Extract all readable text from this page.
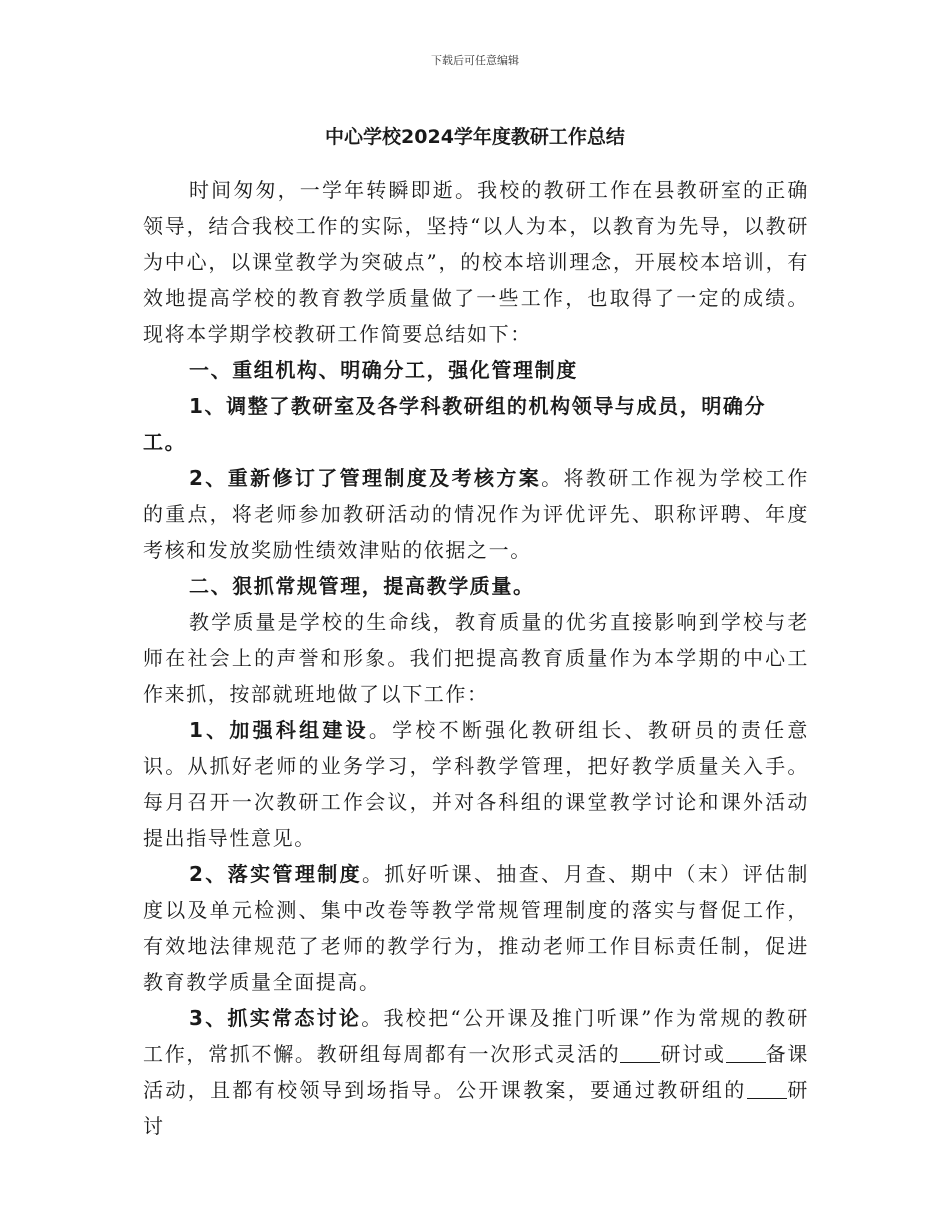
下载后可任意编辑
中心学校2024学年度教研工作总结

时间匆匆，一学年转瞬即逝。我校的教研工作在县教研室的正确领导，结合我校工作的实际，坚持“以人为本，以教育为先导，以教研为中心，以课堂教学为突破点”，的校本培训理念，开展校本培训，有效地提高学校的教育教学质量做了一些工作，也取得了一定的成绩。现将本学期学校教研工作简要总结如下：

一、重组机构、明确分工，强化管理制度

1、调整了教研室及各学科教研组的机构领导与成员，明确分工。

2、重新修订了管理制度及考核方案。将教研工作视为学校工作的重点，将老师参加教研活动的情况作为评优评先、职称评聘、年度考核和发放奖励性绩效津贴的依据之一。

二、狠抓常规管理，提高教学质量。

教学质量是学校的生命线，教育质量的优劣直接影响到学校与老师在社会上的声誉和形象。我们把提高教育质量作为本学期的中心工作来抓，按部就班地做了以下工作：

1、加强科组建设。学校不断强化教研组长、教研员的责任意识。从抓好老师的业务学习，学科教学管理，把好教学质量关入手。每月召开一次教研工作会议，并对各科组的课堂教学讨论和课外活动提出指导性意见。

2、落实管理制度。抓好听课、抽查、月查、期中（末）评估制度以及单元检测、集中改卷等教学常规管理制度的落实与督促工作，有效地法律规范了老师的教学行为，推动老师工作目标责任制，促进教育教学质量全面提高。

3、抓实常态讨论。我校把“公开课及推门听课”作为常规的教研工作，常抓不懈。教研组每周都有一次形式灵活的 研讨或 备课活动，且都有校领导到场指导。公开课教案，要通过教研组的 研讨
